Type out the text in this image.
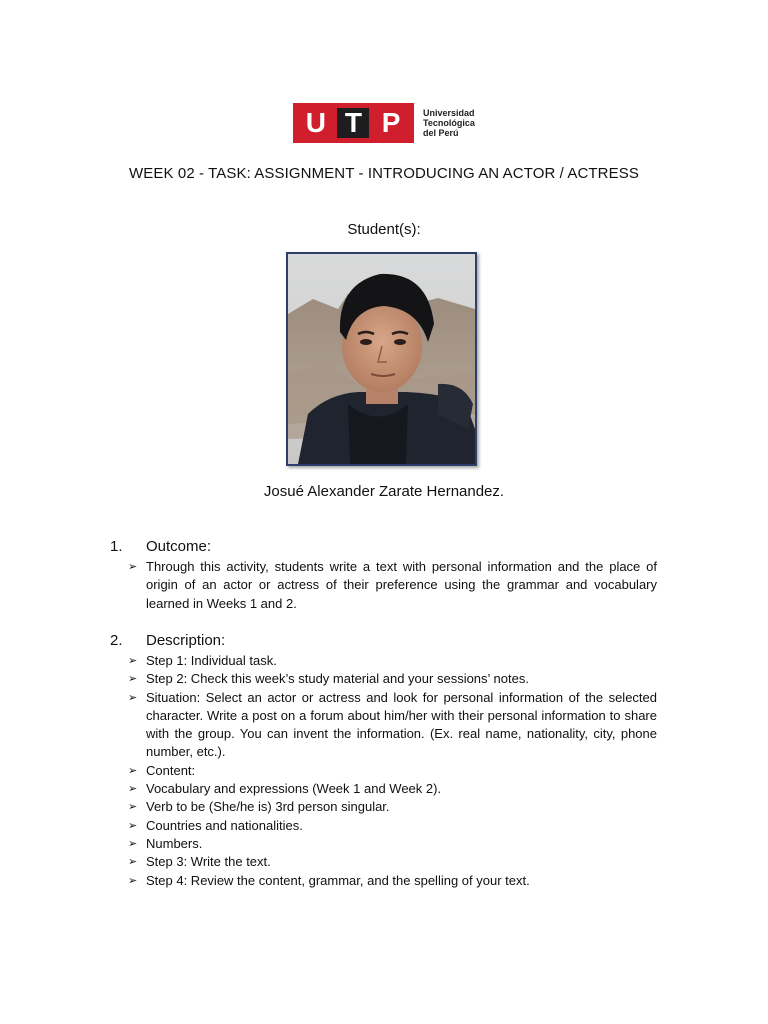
U T P	Universidad
Tecnológica
del Perú
WEEK 02 - TASK: ASSIGNMENT - INTRODUCING AN ACTOR / ACTRESS
Student(s):
Josué Alexander Zarate Hernandez.
1. Outcome:
➢ Through this activity, students write a text with personal information and the place of origin of an actor or actress of their preference using the grammar and vocabulary learned in Weeks 1 and 2.
2. Description:
➢ Step 1: Individual task.
➢ Step 2: Check this week’s study material and your sessions’ notes.
➢ Situation: Select an actor or actress and look for personal information of the selected character. Write a post on a forum about him/her with their personal information to share with the group. You can invent the information. (Ex. real name, nationality, city, phone number, etc.).
➢ Content:
➢ Vocabulary and expressions (Week 1 and Week 2).
➢ Verb to be (She/he is) 3rd person singular.
➢ Countries and nationalities.
➢ Numbers.
➢ Step 3: Write the text.
➢ Step 4: Review the content, grammar, and the spelling of your text.
